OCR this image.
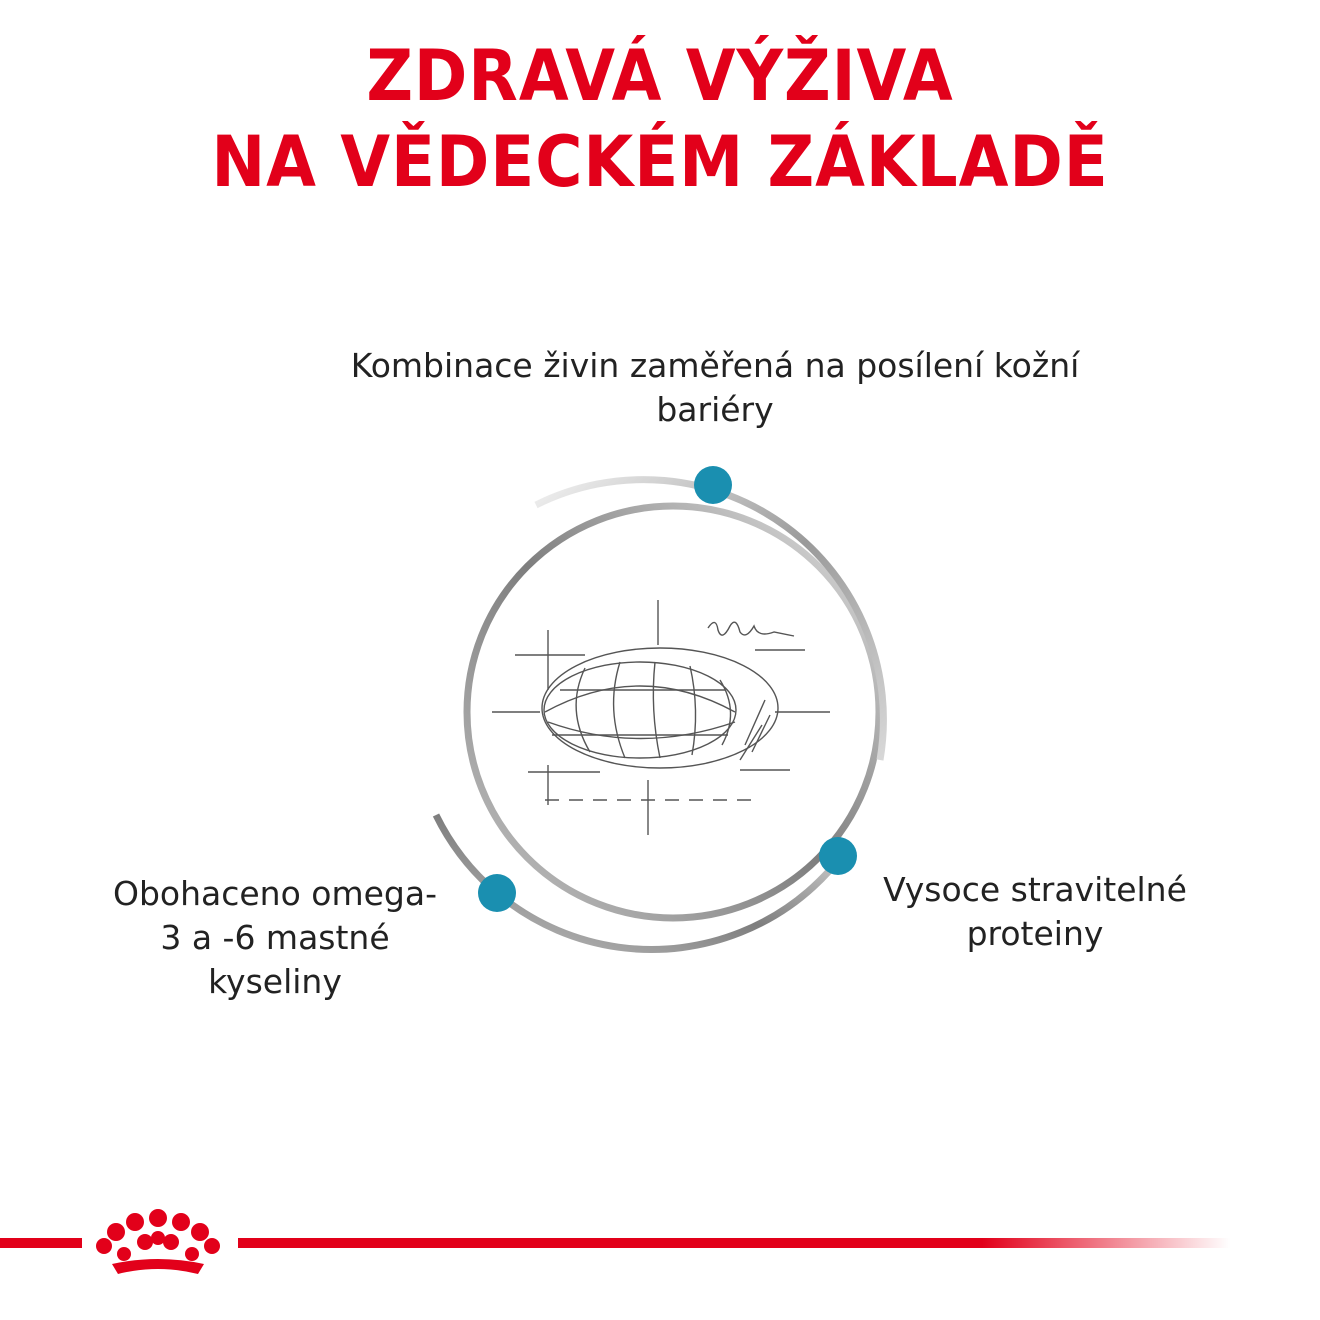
ZDRAVÁ VÝŽIVA
NA VĚDECKÉM ZÁKLADĚ
Kombinace živin zaměřená na posílení kožní bariéry
Obohaceno omega-3 a -6 mastné kyseliny
Vysoce stravitelné proteiny
